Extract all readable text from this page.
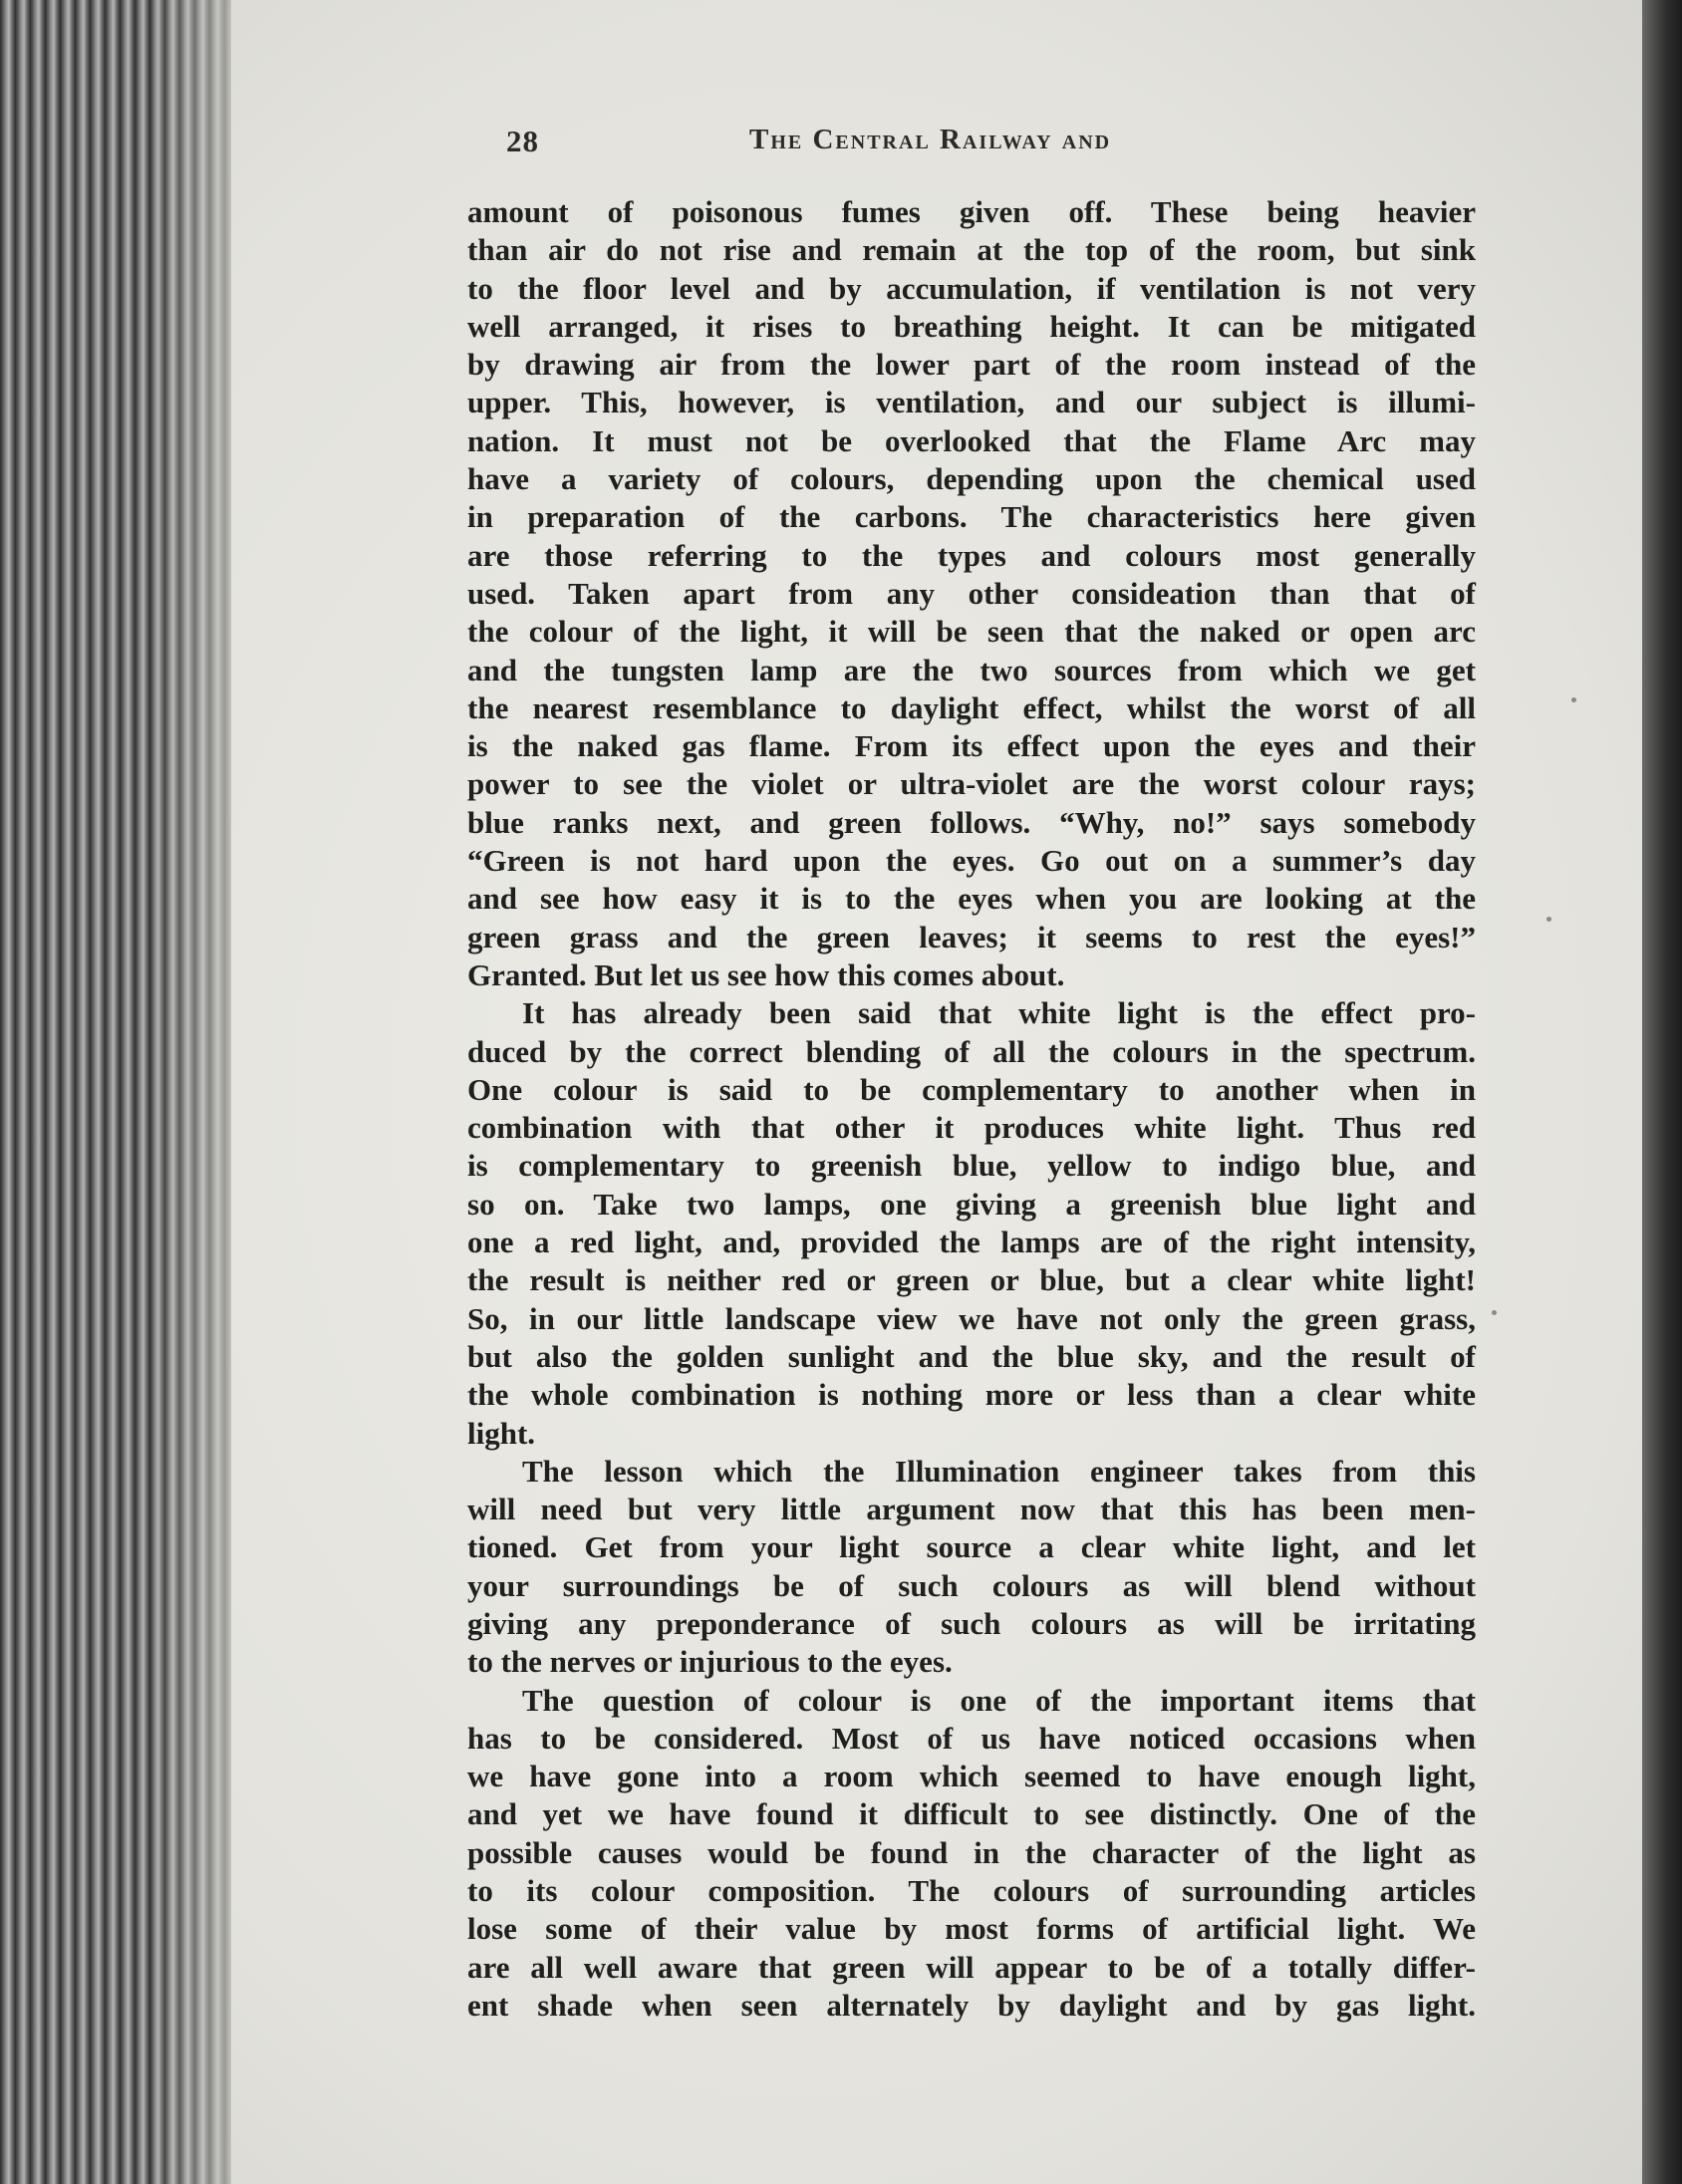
28	The Central Railway and
amount of poisonous fumes given off. These being heavier
than air do not rise and remain at the top of the room, but sink
to the floor level and by accumulation, if ventilation is not very
well arranged, it rises to breathing height. It can be mitigated
by drawing air from the lower part of the room instead of the
upper. This, however, is ventilation, and our subject is illumi-
nation. It must not be overlooked that the Flame Arc may
have a variety of colours, depending upon the chemical used
in preparation of the carbons. The characteristics here given
are those referring to the types and colours most generally
used. Taken apart from any other consideation than that of
the colour of the light, it will be seen that the naked or open arc
and the tungsten lamp are the two sources from which we get
the nearest resemblance to daylight effect, whilst the worst of all
is the naked gas flame. From its effect upon the eyes and their
power to see the violet or ultra-violet are the worst colour rays;
blue ranks next, and green follows. “Why, no!” says somebody
“Green is not hard upon the eyes. Go out on a summer’s day
and see how easy it is to the eyes when you are looking at the
green grass and the green leaves; it seems to rest the eyes!”
Granted. But let us see how this comes about.
It has already been said that white light is the effect pro-
duced by the correct blending of all the colours in the spectrum.
One colour is said to be complementary to another when in
combination with that other it produces white light. Thus red
is complementary to greenish blue, yellow to indigo blue, and
so on. Take two lamps, one giving a greenish blue light and
one a red light, and, provided the lamps are of the right intensity,
the result is neither red or green or blue, but a clear white light!
So, in our little landscape view we have not only the green grass,
but also the golden sunlight and the blue sky, and the result of
the whole combination is nothing more or less than a clear white
light.
The lesson which the Illumination engineer takes from this
will need but very little argument now that this has been men-
tioned. Get from your light source a clear white light, and let
your surroundings be of such colours as will blend without
giving any preponderance of such colours as will be irritating
to the nerves or injurious to the eyes.
The question of colour is one of the important items that
has to be considered. Most of us have noticed occasions when
we have gone into a room which seemed to have enough light,
and yet we have found it difficult to see distinctly. One of the
possible causes would be found in the character of the light as
to its colour composition. The colours of surrounding articles
lose some of their value by most forms of artificial light. We
are all well aware that green will appear to be of a totally differ-
ent shade when seen alternately by daylight and by gas light.
